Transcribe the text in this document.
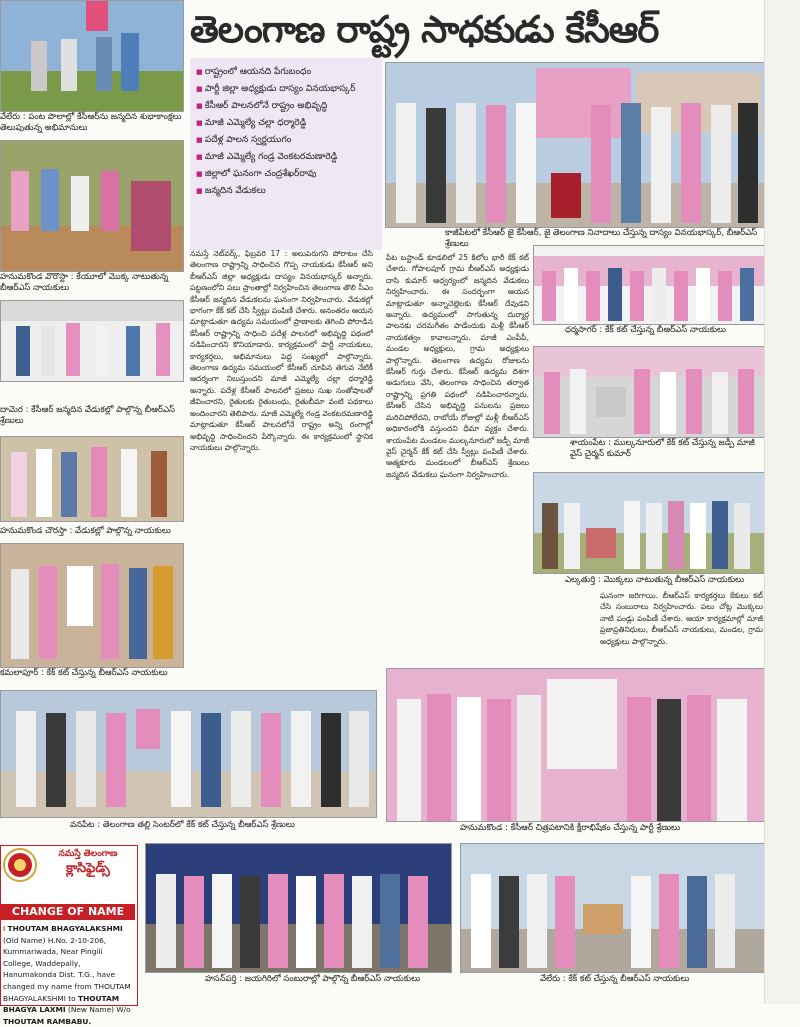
తెలంగాణ రాష్ట్ర సాధకుడు కేసీఆర్
■ రాష్ట్రంలో ఆయనది పేగుబంధం
■ పార్టీ జిల్లా అధ్యక్షుడు దాస్యం వినయభాస్కర్
■ కేసీఆర్ పాలనలోనే రాష్ట్రం అభివృద్ధి
■ మాజీ ఎమ్మెల్యే చల్లా ధర్మారెడ్డి
■ పదేళ్ల పాలన స్వర్ణయుగం
■ మాజీ ఎమ్మెల్యే గండ్ర వెంకటరమణారెడ్డి
■ జిల్లాలో ఘనంగా చంద్రశేఖర్‌రావు
■ జన్మదిన వేడుకలు
వేలేరు : పంట పొలాల్లో కేసీఆర్‌ను జన్మదిన శుభాకాంక్షలు తెలుపుతున్న అభిమానులు
హనుమకొండ వొరొస్టా : కేయూలో మొక్క నాటుతున్న బీఆర్ఎస్ నాయకులు
దామెర : కేసీఆర్ జన్మదిన వేడుకల్లో పాల్గొన్న బీఆర్ఎస్ శ్రేణులు
హనుమకొండ చౌరస్తా : వేడుకల్లో పాల్గొన్న నాయకులు
కమలాపూర్ : కేక్ కట్ చేస్తున్న బీఆర్ఎస్ నాయకులు
వనపేట : తెలంగాణ తల్లి సెంటర్‌లో కేక్ కట్ చేస్తున్న బీఆర్ఎస్ శ్రేణులు
కాజీపేటలో కేసీఆర్ జై కేసీఆర్, జై తెలంగాణ నినాదాలు చేస్తున్న దాస్యం వినయభాస్కర్, బీఆర్ఎస్ శ్రేణులు
ధర్మసాగర్ : కేక్ కట్ చేస్తున్న బీఆర్ఎస్ నాయకులు
శాయంపేట : ముల్కనూరులో కేక్ కట్ చేస్తున్న జడ్పీ మాజీ వైస్ చైర్మన్ కుమార్
ఎల్కతుర్తి : మొక్కలు నాటుతున్న బీఆర్ఎస్ నాయకులు
హనుమకొండ : కేసీఆర్ చిత్రపటానికి క్షీరాభిషేకం చేస్తున్న పార్టీ శ్రేణులు
హసన్‌పర్తి : జయగిరిలో సంబురాల్లో పాల్గొన్న బీఆర్ఎస్ నాయకులు	వేలేరు : కేక్ కట్ చేస్తున్న బీఆర్ఎస్ నాయకులు
నమస్తే నెట్‌వర్క్, ఫిబ్రవరి 17 : అలుపెరుగని పోరాటం చేసి తెలంగాణ రాష్ట్రాన్ని సాధించిన గొప్ప నాయకుడు కేసీఆర్ అని బీఆర్ఎస్ జిల్లా అధ్యక్షుడు దాస్యం వినయభాస్కర్ అన్నారు. పట్టణంలోని పలు ప్రాంతాల్లో నిర్వహించిన తెలంగాణ తొలి సీఎం కేసీఆర్ జన్మదిన వేడుకలను ఘనంగా నిర్వహించారు. వేడుకల్లో భాగంగా కేక్ కట్ చేసి స్వీట్లు పంపిణీ చేశారు. అనంతరం ఆయన మాట్లాడుతూ ఉద్యమ సమయంలో ప్రాణాలకు తెగించి పోరాడిన కేసీఆర్ రాష్ట్రాన్ని సాధించి పదేళ్ల పాలనలో అభివృద్ధి పథంలో నడిపించారని కొనియాడారు. కార్యక్రమంలో పార్టీ నాయకులు, కార్యకర్తలు, అభిమానులు పెద్ద సంఖ్యలో పాల్గొన్నారు. తెలంగాణ ఉద్యమ సమయంలో కేసీఆర్ చూపిన తెగువ నేటికీ ఆదర్శంగా నిలుస్తుందని మాజీ ఎమ్మెల్యే చల్లా ధర్మారెడ్డి అన్నారు. పదేళ్ల కేసీఆర్ పాలనలో ప్రజలు సుఖ సంతోషాలతో జీవించారని, రైతులకు రైతుబంధు, రైతుబీమా వంటి పథకాలు అందించారని తెలిపారు. మాజీ ఎమ్మెల్యే గండ్ర వెంకటరమణారెడ్డి మాట్లాడుతూ కేసీఆర్ పాలనలోనే రాష్ట్రం అన్ని రంగాల్లో అభివృద్ధి సాధించిందని పేర్కొన్నారు. ఈ కార్యక్రమంలో స్థానిక నాయకులు పాల్గొన్నారు.
పేట బస్టాండ్ కూడలిలో 25 కిలోల భారీ కేక్ కట్ చేశారు. గోపాలపూర్ గ్రామ బీఆర్ఎస్ అధ్యక్షుడు దాసి కుమార్ ఆధ్వర్యంలో జన్మదిన వేడుకలు నిర్వహించారు. ఈ సందర్భంగా ఆయన మాట్లాడుతూ అన్నాచెల్లెలకు కేసీఆర్ దేవుడని అన్నారు. ఉద్యమంలో సాగుతున్న దుర్మార్గ పాలనకు చరమగీతం పాడేందుకు మళ్లీ కేసీఆర్ నాయకత్వం కావాలన్నారు. మాజీ ఎంపీపీ, మండల అధ్యక్షులు, గ్రామ అధ్యక్షులు పాల్గొన్నారు. తెలంగాణ ఉద్యమ రోజులను కేసీఆర్ గుర్తు చేశారు. కేసీఆర్ ఉద్యమ దిశగా అడుగులు వేసి, తెలంగాణ సాధించిన తర్వాత రాష్ట్రాన్ని ప్రగతి పథంలో నడిపించారన్నారు. కేసీఆర్ చేసిన అభివృద్ధి పనులను ప్రజలు మరిచిపోలేదని, రాబోయే రోజుల్లో మళ్లీ బీఆర్ఎస్ అధికారంలోకి వస్తుందని ధీమా వ్యక్తం చేశారు. శాయంపేట మండలం ముల్కనూరులో జడ్పీ మాజీ వైస్ చైర్మన్ కేక్ కట్ చేసి స్వీట్లు పంపిణీ చేశారు. ఆత్మకూరు మండలంలో బీఆర్ఎస్ శ్రేణులు జన్మదిన వేడుకలు ఘనంగా నిర్వహించారు.
ఘనంగా జరిగాయి. బీఆర్ఎస్ కార్యకర్తలు కేకులు కట్ చేసి సంబురాలు నిర్వహించారు. పలు చోట్ల మొక్కలు నాటి పండ్లు పంపిణీ చేశారు. ఆయా కార్యక్రమాల్లో మాజీ ప్రజాప్రతినిధులు, బీఆర్ఎస్ నాయకులు, మండల, గ్రామ అధ్యక్షులు పాల్గొన్నారు.
నమస్తే తెలంగాణ
క్లాసిఫైడ్స్
CHANGE OF NAME
I THOUTAM BHAGYALAKSHMI (Old Name) H.No. 2-10-206, Kummariwada, Near Pingili College, Waddepally, Hanumakonda Dist. T.G., have changed my name from THOUTAM BHAGYALAKSHMI to THOUTAM BHAGYA LAXMI (New Name) W/o THOUTAM RAMBABU.
